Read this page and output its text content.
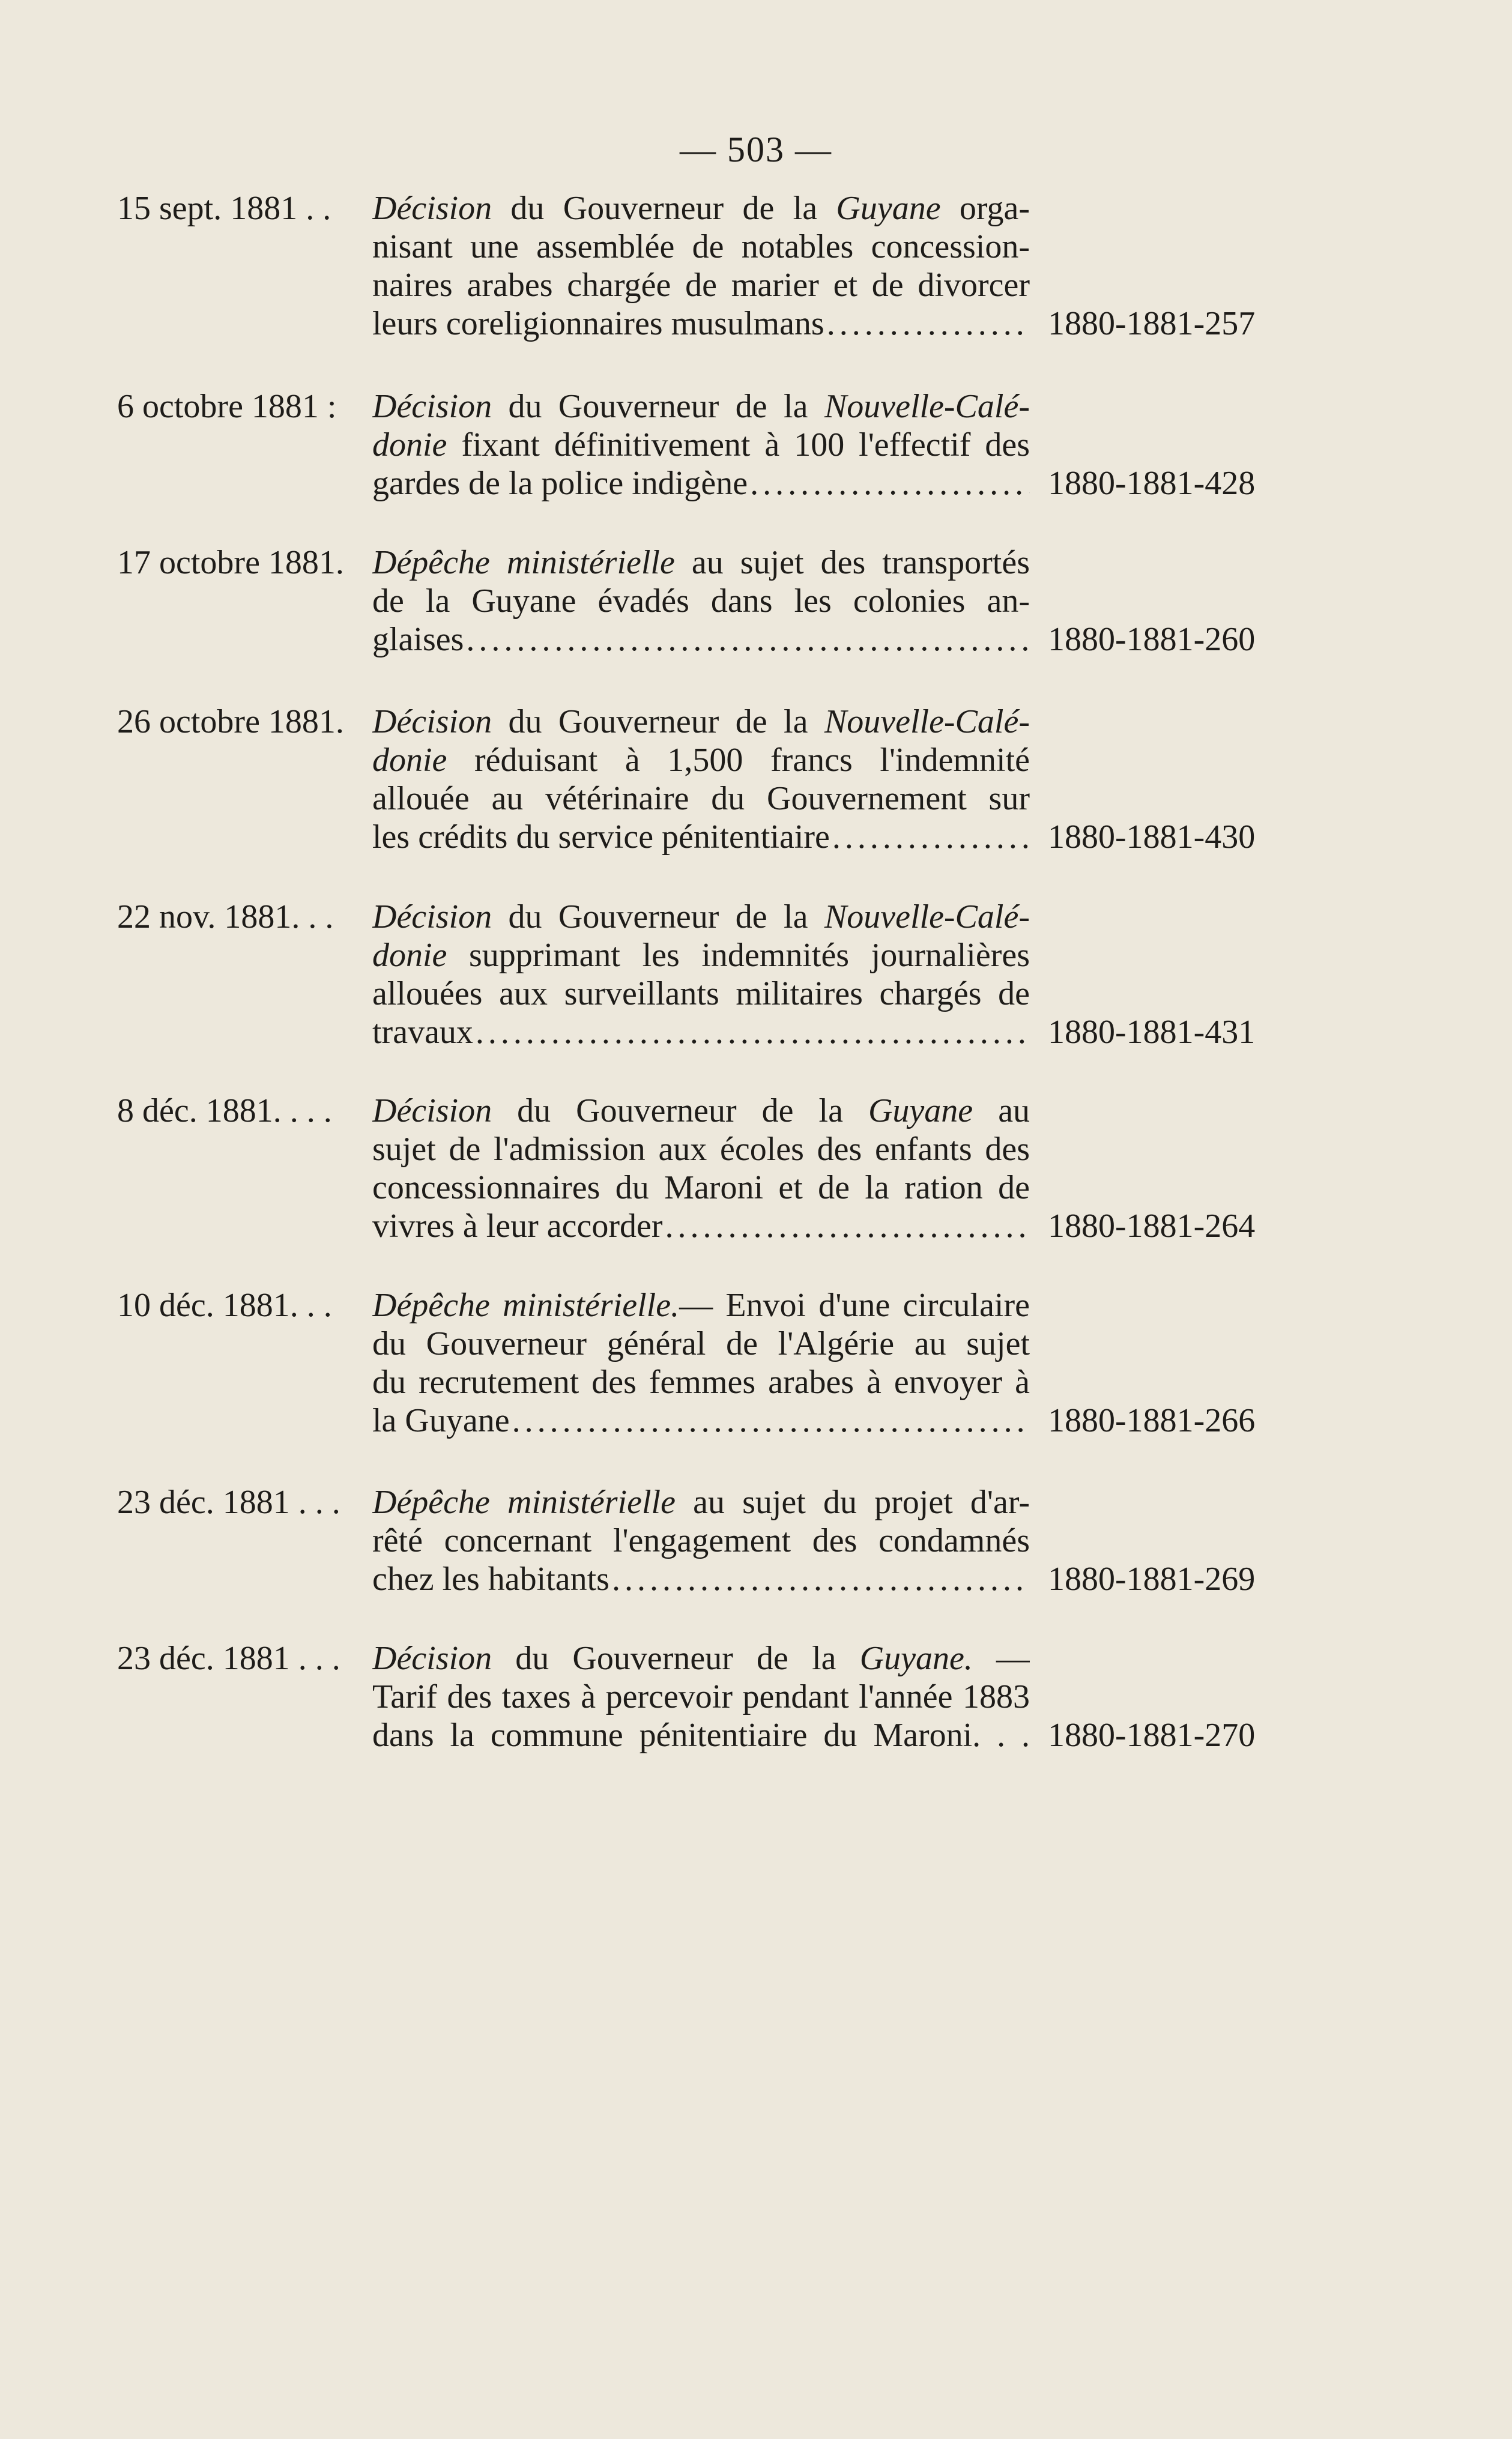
— 503 —
15 sept. 1881 . . Décision du Gouverneur de la Guyane orga-
nisant une assemblée de notables concession-
naires arabes chargée de marier et de divorcer
leurs coreligionnaires musulmans .....	1880-1881-257
6 octobre 1881 : Décision du Gouverneur de la Nouvelle-Calé-
donie fixant définitivement à 100 l'effectif des
gardes de la police indigène .....	1880-1881-428
17 octobre 1881. Dépêche ministérielle au sujet des transportés
de la Guyane évadés dans les colonies an-
glaises .....	1880-1881-260
26 octobre 1881. Décision du Gouverneur de la Nouvelle-Calé-
donie réduisant à 1,500 francs l'indemnité
allouée au vétérinaire du Gouvernement sur
les crédits du service pénitentiaire .....	1880-1881-430
22 nov. 1881. . . Décision du Gouverneur de la Nouvelle-Calé-
donie supprimant les indemnités journalières
allouées aux surveillants militaires chargés de
travaux .....	1880-1881-431
8 déc. 1881. . . . Décision du Gouverneur de la Guyane au
sujet de l'admission aux écoles des enfants des
concessionnaires du Maroni et de la ration de
vivres à leur accorder .....	1880-1881-264
10 déc. 1881. . . Dépêche ministérielle.— Envoi d'une circulaire
du Gouverneur général de l'Algérie au sujet
du recrutement des femmes arabes à envoyer à
la Guyane .....	1880-1881-266
23 déc. 1881 . . . Dépêche ministérielle au sujet du projet d'ar-
rêté concernant l'engagement des condamnés
chez les habitants .....	1880-1881-269
23 déc. 1881 . . . Décision du Gouverneur de la Guyane. —
Tarif des taxes à percevoir pendant l'année 1883
dans la commune pénitentiaire du Maroni. . . 1880-1881-270
